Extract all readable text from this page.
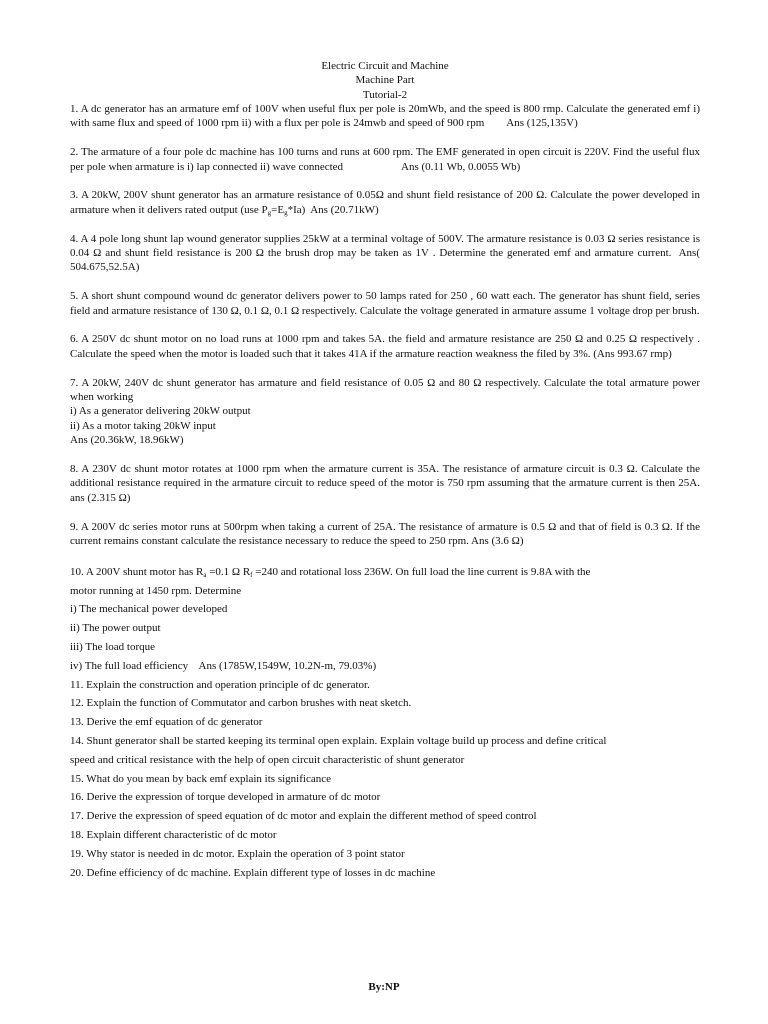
Electric Circuit and Machine
Machine Part
Tutorial-2
1. A dc generator has an armature emf of 100V when useful flux per pole is 20mWb, and the speed is 800 rmp. Calculate the generated emf i) with same flux and speed of 1000 rpm ii) with a flux per pole is 24mwb and speed of 900 rpm Ans (125,135V)
2. The armature of a four pole dc machine has 100 turns and runs at 600 rpm. The EMF generated in open circuit is 220V. Find the useful flux per pole when armature is i) lap connected ii) wave connected	Ans (0.11 Wb, 0.0055 Wb)
3. A 20kW, 200V shunt generator has an armature resistance of 0.05Ω and shunt field resistance of 200 Ω. Calculate the power developed in armature when it delivers rated output (use $P_g=E_g*Ia$) Ans (20.71kW)
4. A 4 pole long shunt lap wound generator supplies 25kW at a terminal voltage of 500V. The armature resistance is 0.03 Ω series resistance is 0.04 Ω and shunt field resistance is 200 Ω the brush drop may be taken as 1V . Determine the generated emf and armature current. Ans( 504.675,52.5A)
5. A short shunt compound wound dc generator delivers power to 50 lamps rated for 250 , 60 watt each. The generator has shunt field, series field and armature resistance of 130 Ω, 0.1 Ω, 0.1 Ω respectively. Calculate the voltage generated in armature assume 1 voltage drop per brush.
6. A 250V dc shunt motor on no load runs at 1000 rpm and takes 5A. the field and armature resistance are 250 Ω and 0.25 Ω respectively . Calculate the speed when the motor is loaded such that it takes 41A if the armature reaction weakness the filed by 3%. (Ans 993.67 rmp)
7. A 20kW, 240V dc shunt generator has armature and field resistance of 0.05 Ω and 80 Ω respectively. Calculate the total armature power when working
i) As a generator delivering 20kW output
ii) As a motor taking 20kW input
Ans (20.36kW, 18.96kW)
8. A 230V dc shunt motor rotates at 1000 rpm when the armature current is 35A. The resistance of armature circuit is 0.3 Ω. Calculate the additional resistance required in the armature circuit to reduce speed of the motor is 750 rpm assuming that the armature current is then 25A. ans (2.315 Ω)
9. A 200V dc series motor runs at 500rpm when taking a current of 25A. The resistance of armature is 0.5 Ω and that of field is 0.3 Ω. If the current remains constant calculate the resistance necessary to reduce the speed to 250 rpm. Ans (3.6 Ω)
10. A 200V shunt motor has $R_a =0.1$ Ω $R_f =240$ and rotational loss 236W. On full load the line current is 9.8A with the
motor running at 1450 rpm. Determine
i) The mechanical power developed
ii) The power output
iii) The load torque
iv) The full load efficiency Ans (1785W,1549W, 10.2N-m, 79.03%)
11. Explain the construction and operation principle of dc generator.
12. Explain the function of Commutator and carbon brushes with neat sketch.
13. Derive the emf equation of dc generator
14. Shunt generator shall be started keeping its terminal open explain. Explain voltage build up process and define critical
speed and critical resistance with the help of open circuit characteristic of shunt generator
15. What do you mean by back emf explain its significance
16. Derive the expression of torque developed in armature of dc motor
17. Derive the expression of speed equation of dc motor and explain the different method of speed control
18. Explain different characteristic of dc motor
19. Why stator is needed in dc motor. Explain the operation of 3 point stator
20. Define efficiency of dc machine. Explain different type of losses in dc machine
By:NP
